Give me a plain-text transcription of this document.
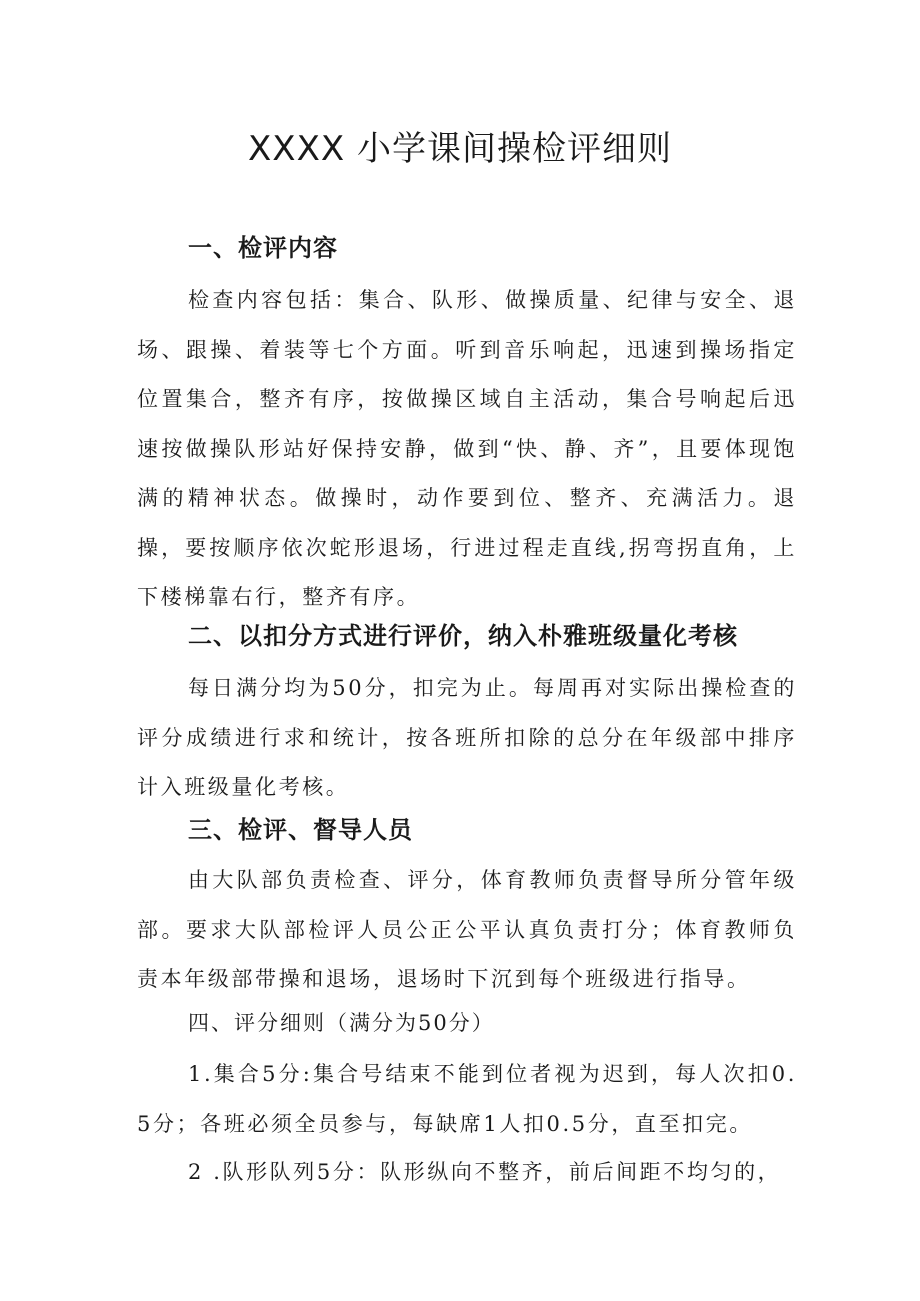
XXXX 小学课间操检评细则
一、检评内容
检查内容包括：集合、队形、做操质量、纪律与安全、退场、跟操、着装等七个方面。听到音乐响起，迅速到操场指定位置集合，整齐有序，按做操区域自主活动，集合号响起后迅速按做操队形站好保持安静，做到“快、静、齐”，且要体现饱满的精神状态。做操时，动作要到位、整齐、充满活力。退操，要按顺序依次蛇形退场，行进过程走直线,拐弯拐直角，上下楼梯靠右行，整齐有序。
二、以扣分方式进行评价，纳入朴雅班级量化考核
每日满分均为50分，扣完为止。每周再对实际出操检查的评分成绩进行求和统计，按各班所扣除的总分在年级部中排序计入班级量化考核。
三、检评、督导人员
由大队部负责检查、评分，体育教师负责督导所分管年级部。要求大队部检评人员公正公平认真负责打分；体育教师负责本年级部带操和退场，退场时下沉到每个班级进行指导。
四、评分细则（满分为50分）
1.集合5分:集合号结束不能到位者视为迟到，每人次扣0.5分；各班必须全员参与，每缺席1人扣0.5分，直至扣完。
2 .队形队列5分：队形纵向不整齐，前后间距不均匀的，
